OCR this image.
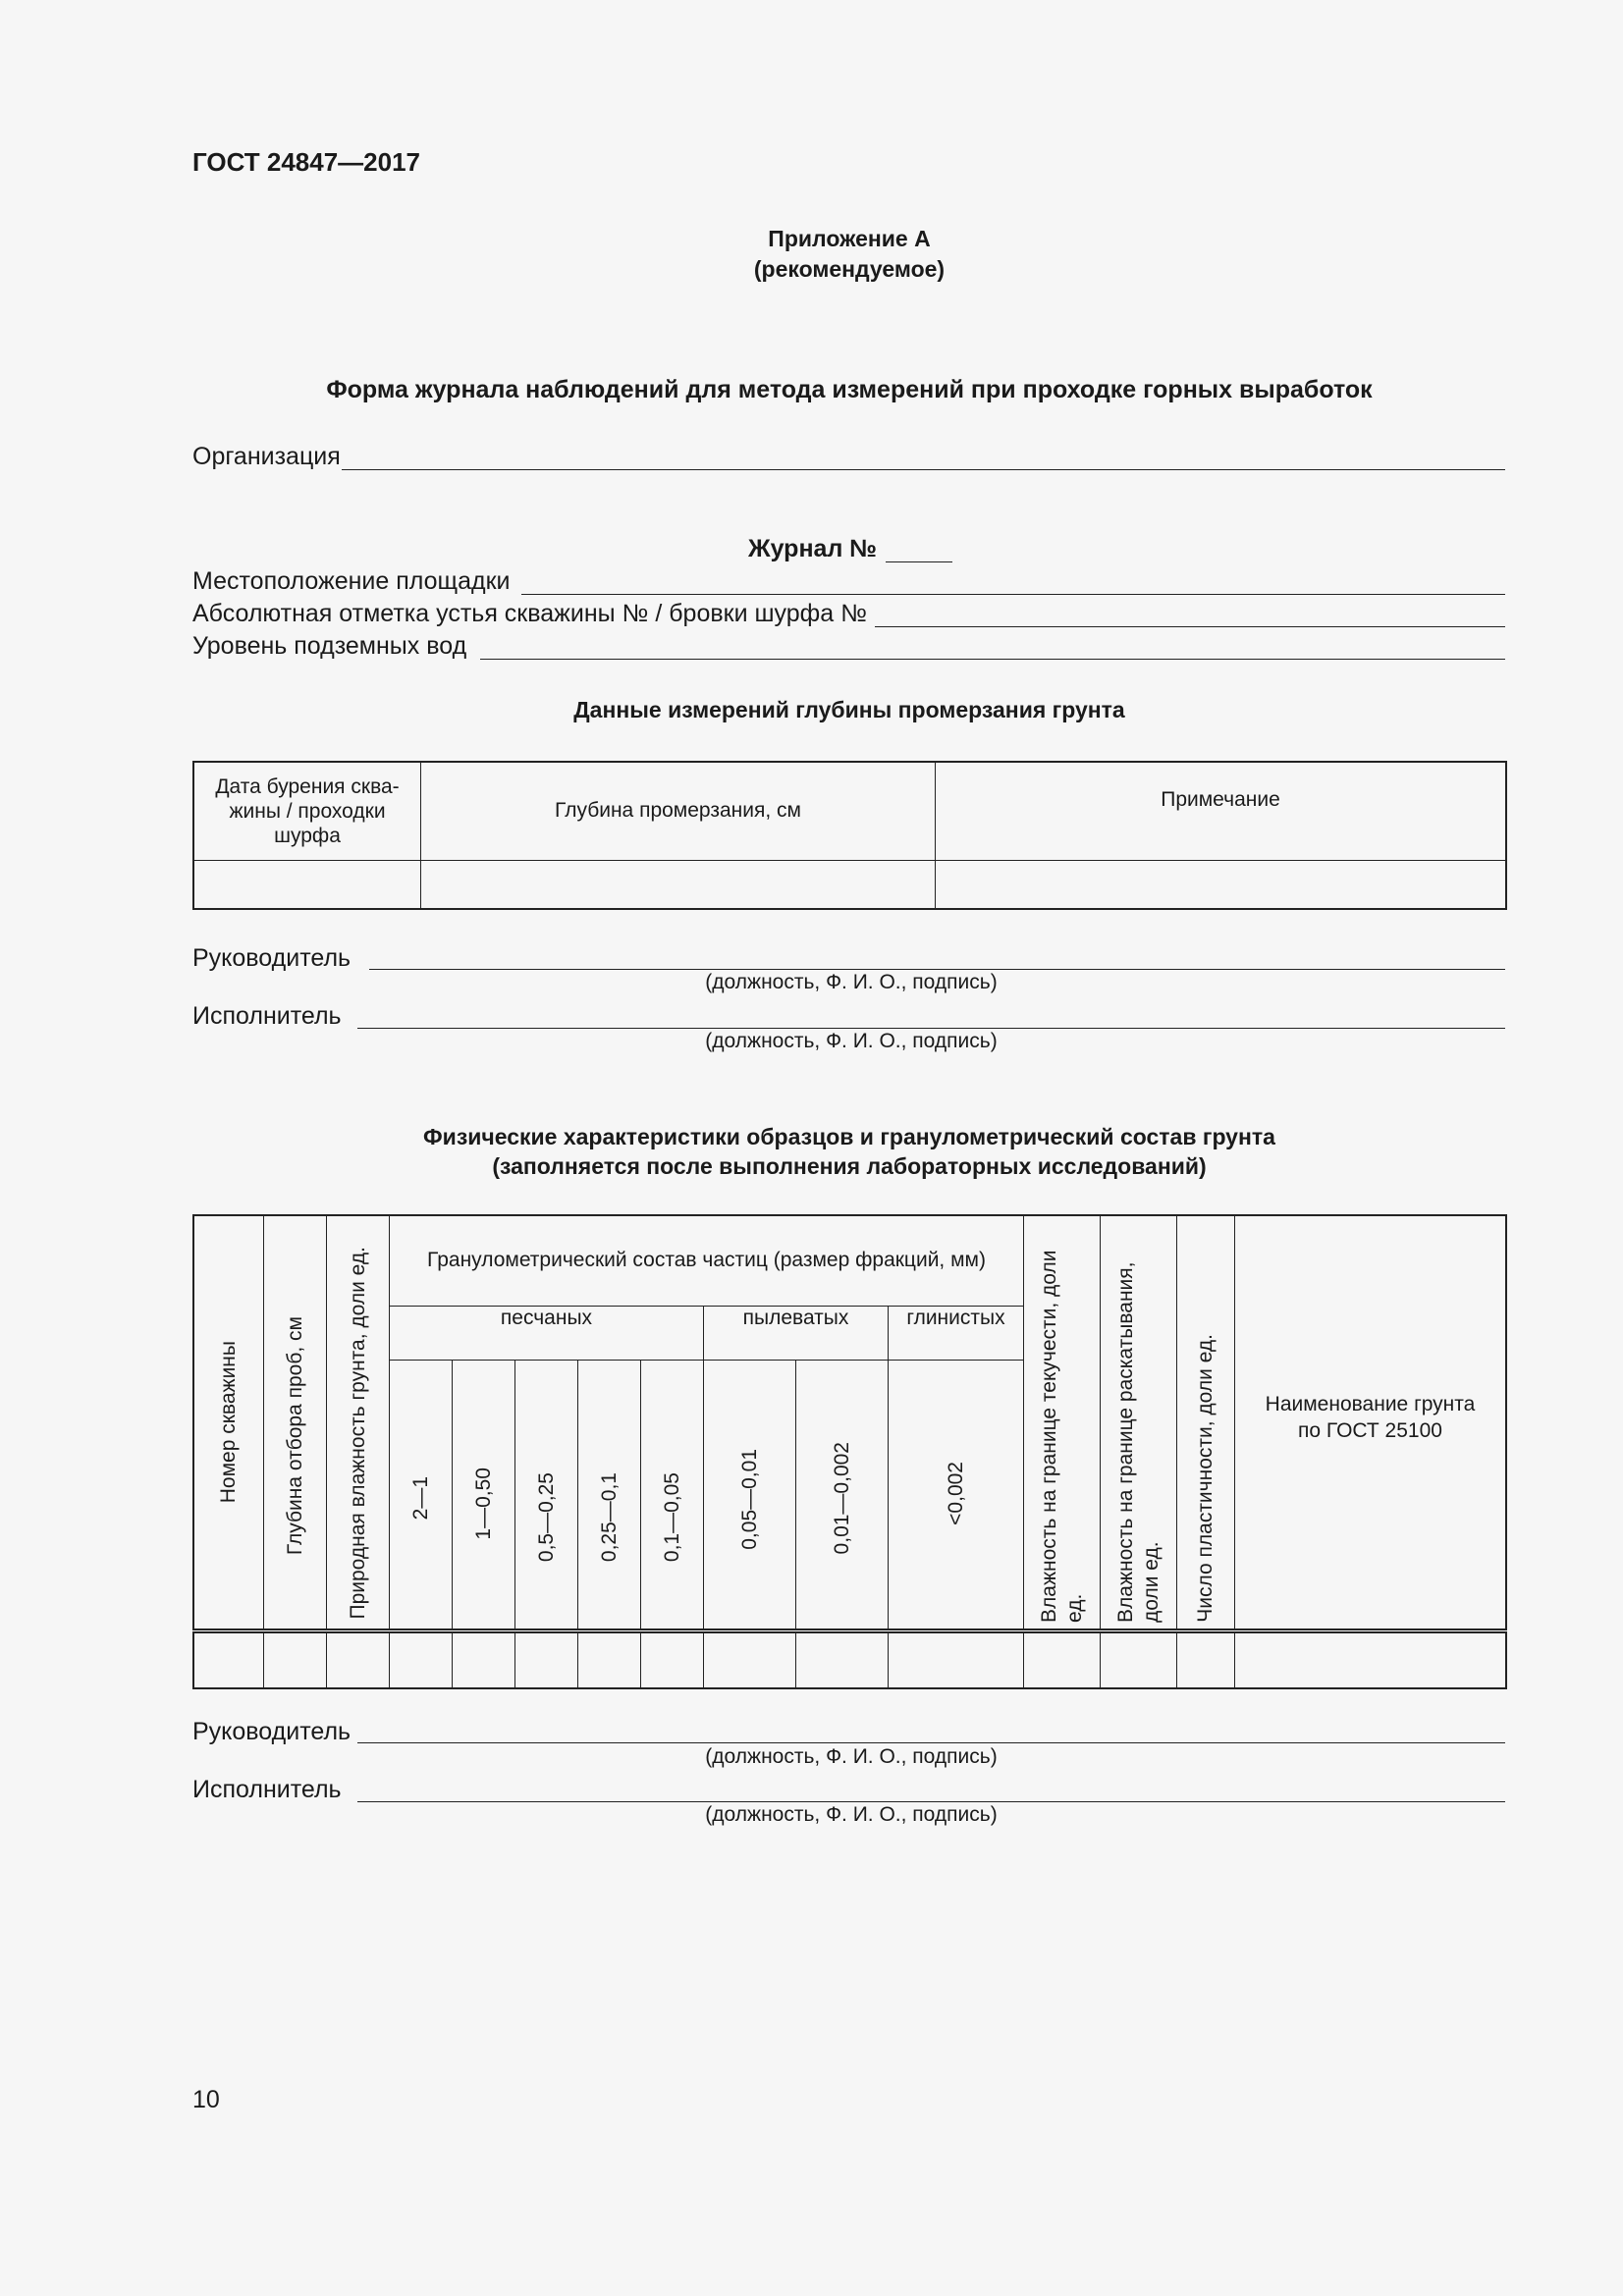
ГОСТ 24847—2017
Приложение А
(рекомендуемое)
Форма журнала наблюдений для метода измерений при проходке горных выработок
Организация
Журнал №
Местоположение площадки
Абсолютная отметка устья скважины № / бровки шурфа №
Уровень подземных вод
Данные измерений глубины промерзания грунта
Дата бурения сква-
жины / проходки
шурфа	Глубина промерзания, см	Примечание

Руководитель
(должность, Ф. И. О., подпись)
Исполнитель
(должность, Ф. И. О., подпись)
Физические характеристики образцов и гранулометрический состав грунта
(заполняется после выполнения лабораторных исследований)
Номер скважины	Глубина отбора проб, см	Природная влажность грунта, доли ед.	Гранулометрический состав частиц (размер фракций, мм)								Влажность на границе текучести, доли ед.	Влажность на границе раскатывания, доли ед.	Число пластичности, доли ед.	Наименование грунта по ГОСТ 25100

			песчаных					пылеватых		глинистых				

			2—1	1—0,50	0,5—0,25	0,25—0,1	0,1—0,05	0,05—0,01	0,01—0,002	<0,002				

Руководитель
(должность, Ф. И. О., подпись)
Исполнитель
(должность, Ф. И. О., подпись)
10
